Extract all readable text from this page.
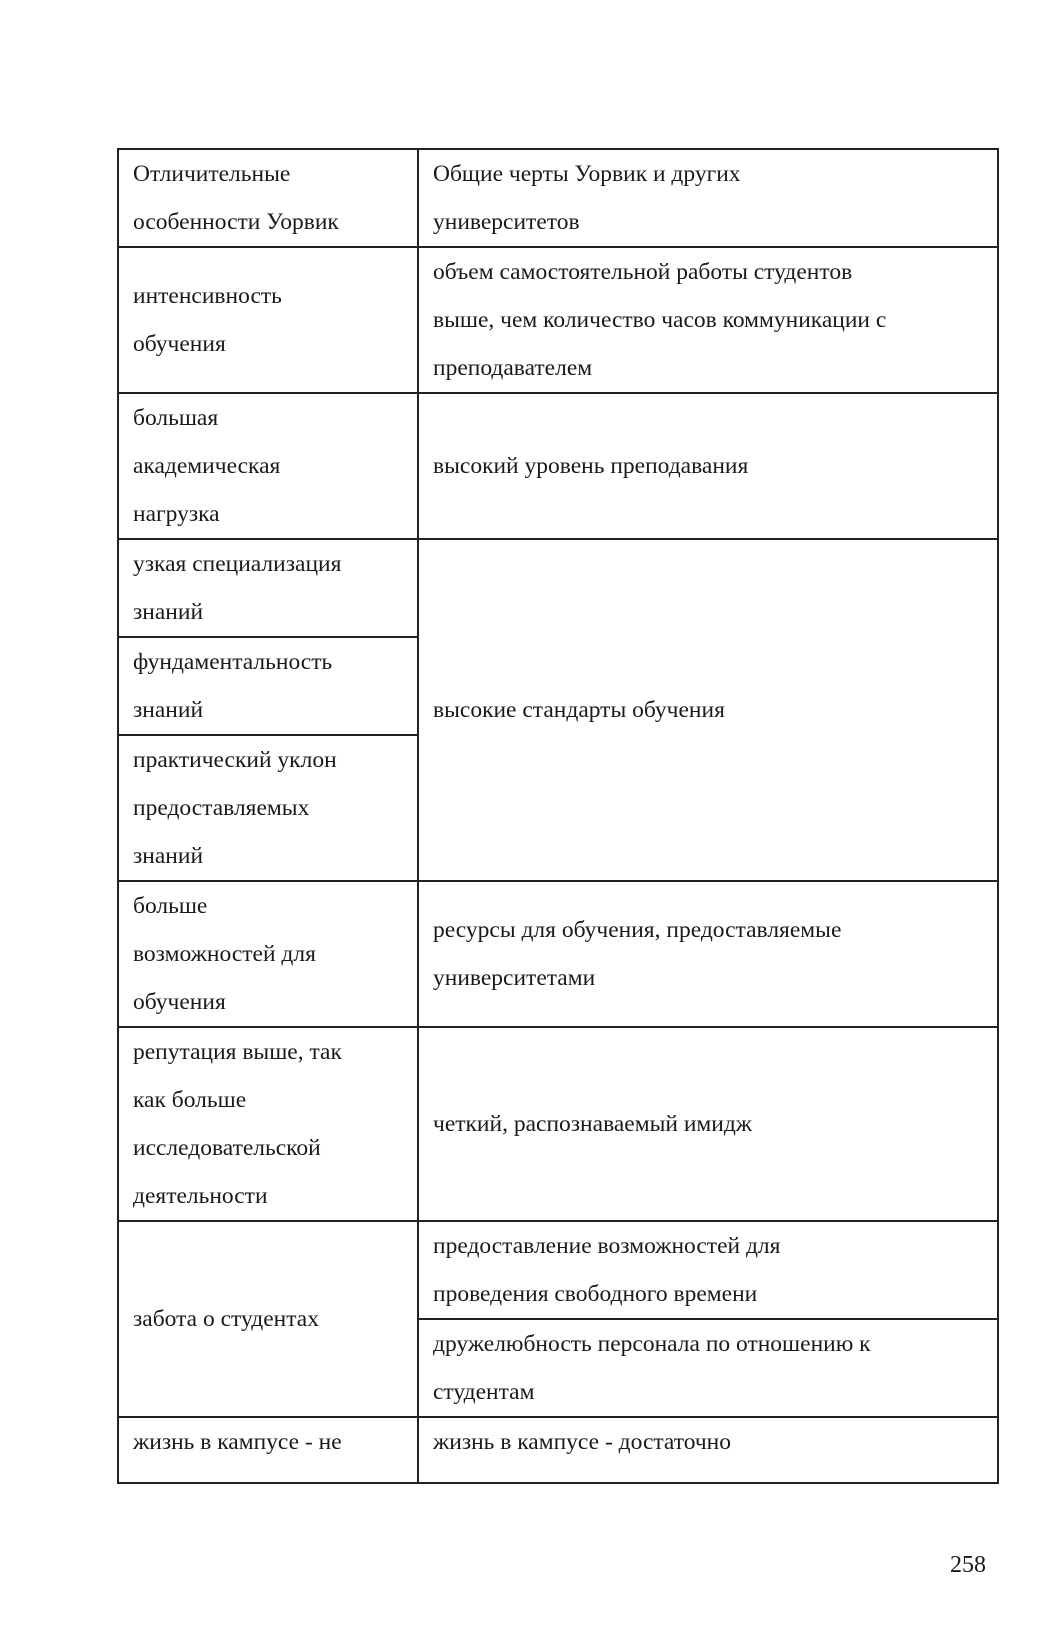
Отличительные
особенности Уорвик	Общие черты Уорвик и других
университетов

интенсивность
обучения	объем самостоятельной работы студентов
выше, чем количество часов коммуникации с
преподавателем

большая
академическая
нагрузка	высокий уровень преподавания

узкая специализация
знаний	высокие стандарты обучения

фундаментальность
знаний	

практический уклон
предоставляемых
знаний	

больше
возможностей для
обучения	ресурсы для обучения, предоставляемые
университетами

репутация выше, так
как больше
исследовательской
деятельности	четкий, распознаваемый имидж

забота о студентах	предоставление возможностей для
проведения свободного времени

	дружелюбность персонала по отношению к
студентам

жизнь в кампусе - не	жизнь в кампусе - достаточно
258
